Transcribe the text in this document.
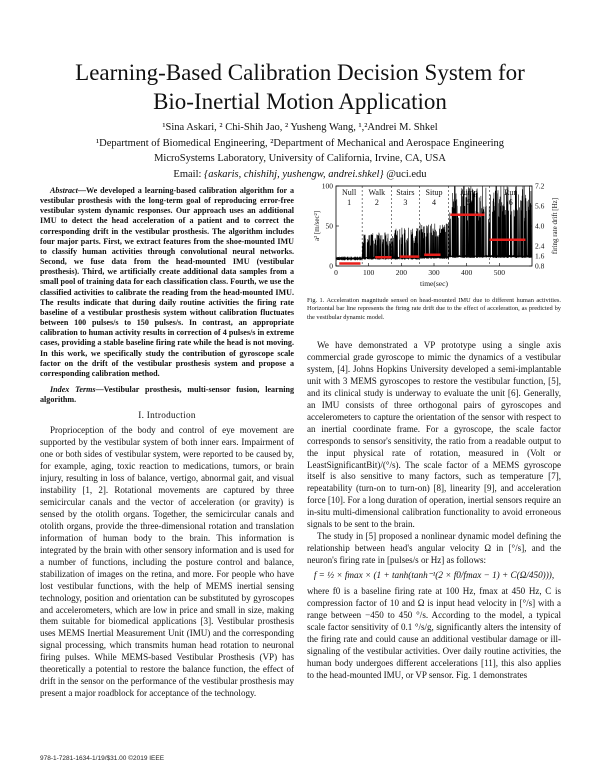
Learning-Based Calibration Decision System for
Bio-Inertial Motion Application
¹Sina Askari, ² Chi-Shih Jao, ² Yusheng Wang, ¹,²Andrei M. Shkel
¹Department of Biomedical Engineering, ²Department of Mechanical and Aerospace Engineering
MicroSystems Laboratory, University of California, Irvine, CA, USA
Email: {askaris, chishihj, yushengw, andrei.shkel} @uci.edu

Abstract—We developed a learning-based calibration algorithm for a vestibular prosthesis with the long-term goal of reproducing error-free vestibular system dynamic responses. Our approach uses an additional IMU to detect the head acceleration of a patient and to correct the corresponding drift in the vestibular prosthesis. The algorithm includes four major parts. First, we extract features from the shoe-mounted IMU to classify human activities through convolutional neural networks. Second, we fuse data from the head-mounted IMU (vestibular prosthesis). Third, we artificially create additional data samples from a small pool of training data for each classification class. Fourth, we use the classified activities to calibrate the reading from the head-mounted IMU. The results indicate that during daily routine activities the firing rate baseline of a vestibular prosthesis system without calibration fluctuates between 100 pulses/s to 150 pulses/s. In contrast, an appropriate calibration to human activity results in correction of 4 pulses/s in extreme cases, providing a stable baseline firing rate while the head is not moving. In this work, we specifically study the contribution of gyroscope scale factor on the drift of the vestibular prosthesis system and propose a corresponding calibration method.

Index Terms—Vestibular prosthesis, multi-sensor fusion, learning algorithm.

I. Introduction

Proprioception of the body and control of eye movement are supported by the vestibular system of both inner ears. Impairment of one or both sides of vestibular system, were reported to be caused by, for example, aging, toxic reaction to medications, tumors, or brain injury, resulting in loss of balance, vertigo, abnormal gait, and visual instability [1, 2]. Rotational movements are captured by three semicircular canals and the vector of acceleration (or gravity) is sensed by the otolith organs. Together, the semicircular canals and otolith organs, provide the three-dimensional rotation and translation information of human body to the brain. This information is integrated by the brain with other sensory information and is used for a number of functions, including the posture control and balance, stabilization of images on the retina, and more. For people who have lost vestibular functions, with the help of MEMS inertial sensing technology, position and orientation can be substituted by gyroscopes and accelerometers, which are low in price and small in size, making them suitable for biomedical applications [3]. Vestibular prosthesis uses MEMS Inertial Measurement Unit (IMU) and the corresponding signal processing, which transmits human head rotation to neuronal firing pulses. While MEMS-based Vestibular Prosthesis (VP) has theoretically a potential to restore the balance function, the effect of drift in the sensor on the performance of the vestibular prosthesis may present a major roadblock for acceptance of the technology.

Null
1
Walk
2
Stairs
3
Situp
4
Jump
5
Run
6
0	100	200	300	400	500
0
50
100
0.8
1.6
2.4
4.0
5.6
7.2
time(sec)
a² [m/sec²]	firing rate drift [Hz]
Fig. 1. Acceleration magnitude sensed on head-mounted IMU due to different human activities. Horizontal bar line represents the firing rate drift due to the effect of acceleration, as predicted by the vestibular dynamic model.

We have demonstrated a VP prototype using a single axis commercial grade gyroscope to mimic the dynamics of a vestibular system, [4]. Johns Hopkins University developed a semi-implantable unit with 3 MEMS gyroscopes to restore the vestibular function, [5], and its clinical study is underway to evaluate the unit [6]. Generally, an IMU consists of three orthogonal pairs of gyroscopes and accelerometers to capture the orientation of the sensor with respect to an inertial coordinate frame. For a gyroscope, the scale factor corresponds to sensor's sensitivity, the ratio from a readable output to the input physical rate of rotation, measured in (Volt or LeastSignificantBit)/(°/s). The scale factor of a MEMS gyroscope itself is also sensitive to many factors, such as temperature [7], repeatability (turn-on to turn-on) [8], linearity [9], and acceleration force [10]. For a long duration of operation, inertial sensors require an in-situ multi-dimensional calibration functionality to avoid erroneous signals to be sent to the brain.

The study in [5] proposed a nonlinear dynamic model defining the relationship between head's angular velocity Ω in [°/s], and the neuron's firing rate in [pulses/s or Hz] as follows:

f = ½ × fmax × (1 + tanh(tanh⁻¹(2 × f0/fmax − 1) + C(Ω/450))),

where f0 is a baseline firing rate at 100 Hz, fmax at 450 Hz, C is compression factor of 10 and Ω is input head velocity in [°/s] with a range between −450 to 450 °/s. According to the model, a typical scale factor sensitivity of 0.1 °/s/g, significantly alters the intensity of the firing rate and could cause an additional vestibular damage or ill-signaling of the vestibular activities. Over daily routine activities, the human body undergoes different accelerations [11], this also applies to the head-mounted IMU, or VP sensor. Fig. 1 demonstrates

978-1-7281-1634-1/19/$31.00 ©2019 IEEE
